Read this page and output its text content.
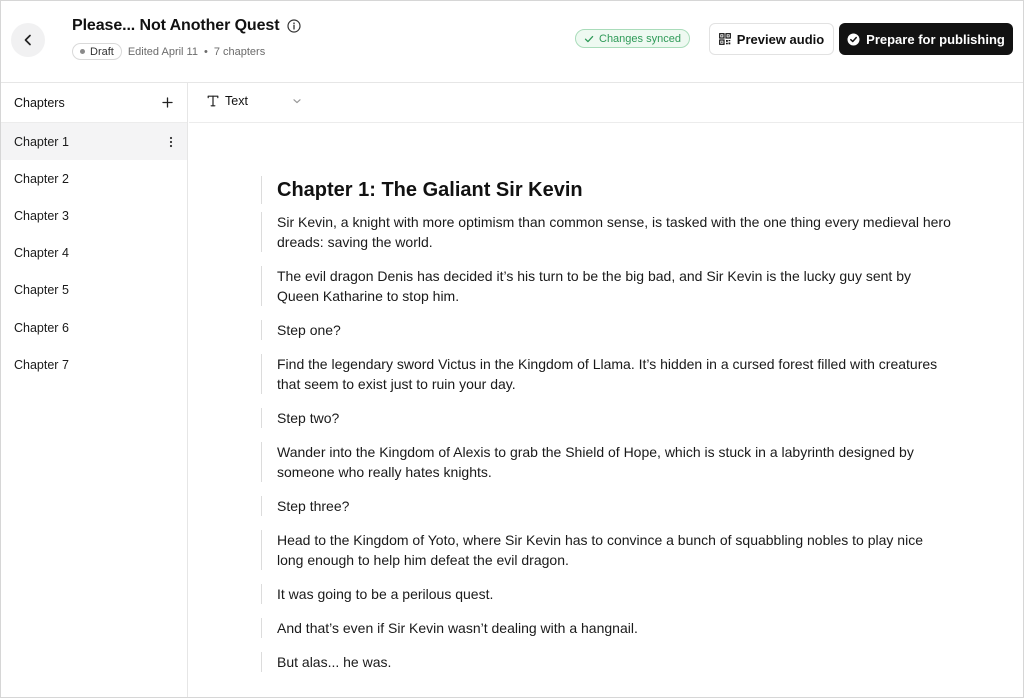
Please... Not Another Quest
Draft Edited April 11 • 7 chapters
Changes synced	Preview audio	Prepare for publishing
Chapters
Chapter 1
Chapter 2
Chapter 3
Chapter 4
Chapter 5
Chapter 6
Chapter 7
Text
Chapter 1: The Galiant Sir Kevin

Sir Kevin, a knight with more optimism than common sense, is tasked with the one thing every medieval hero dreads: saving the world.

The evil dragon Denis has decided it’s his turn to be the big bad, and Sir Kevin is the lucky guy sent by Queen Katharine to stop him.

Step one?

Find the legendary sword Victus in the Kingdom of Llama. It’s hidden in a cursed forest filled with creatures that seem to exist just to ruin your day.

Step two?

Wander into the Kingdom of Alexis to grab the Shield of Hope, which is stuck in a labyrinth designed by someone who really hates knights.

Step three?

Head to the Kingdom of Yoto, where Sir Kevin has to convince a bunch of squabbling nobles to play nice long enough to help him defeat the evil dragon.

It was going to be a perilous quest.

And that’s even if Sir Kevin wasn’t dealing with a hangnail.

But alas... he was.
